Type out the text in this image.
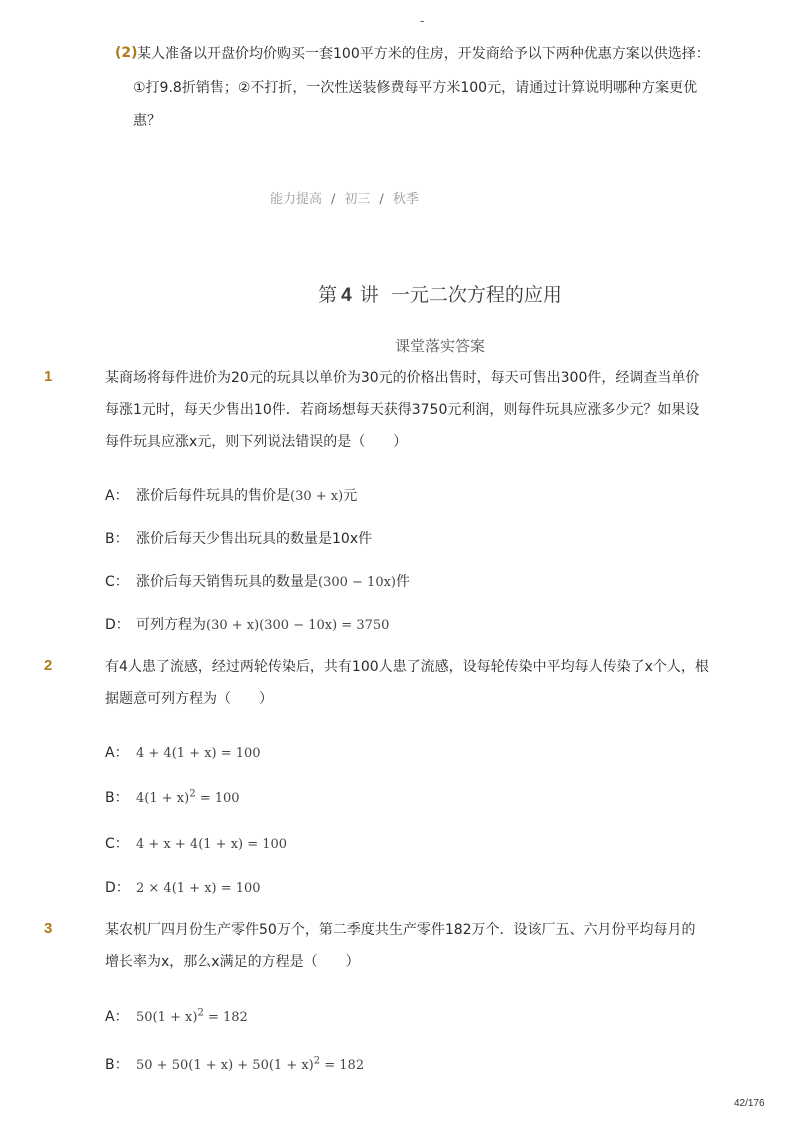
-
(2) 某人准备以开盘价均价购买一套100平方米的住房，开发商给予以下两种优惠方案以供选择：
①打9.8折销售；②不打折，一次性送装修费每平方米100元，请通过计算说明哪种方案更优
惠？
能力提高 / 初三 / 秋季
第 4 讲 一元二次方程的应用
课堂落实答案
1	某商场将每件进价为20元的玩具以单价为30元的价格出售时，每天可售出300件，经调查当单价
每涨1元时，每天少售出10件．若商场想每天获得3750元利润，则每件玩具应涨多少元？如果设
每件玩具应涨x元，则下列说法错误的是（　　）
A： 涨价后每件玩具的售价是(30 + x)元
B： 涨价后每天少售出玩具的数量是10x件
C： 涨价后每天销售玩具的数量是(300 − 10x)件
D： 可列方程为(30 + x)(300 − 10x) = 3750
2	有4人患了流感，经过两轮传染后，共有100人患了流感，设每轮传染中平均每人传染了x个人，根
据题意可列方程为（　　）
A： 4 + 4(1 + x) = 100
B： $4(1 + x)^2 = 100$
C： 4 + x + 4(1 + x) = 100
D： 2 × 4(1 + x) = 100
3	某农机厂四月份生产零件50万个，第二季度共生产零件182万个．设该厂五、六月份平均每月的
增长率为x，那么x满足的方程是（　　）
A： $50(1 + x)^2 = 182$
B： $50 + 50(1 + x) + 50(1 + x)^2 = 182$
42/176
